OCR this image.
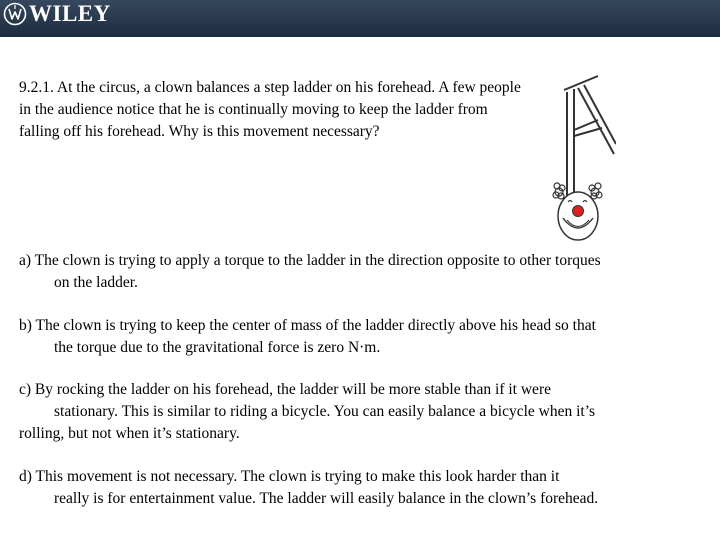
WILEY

9.2.1. At the circus, a clown balances a step ladder on his forehead. A few people in the audience notice that he is continually moving to keep the ladder from falling off his forehead. Why is this movement necessary?

a) The clown is trying to apply a torque to the ladder in the direction opposite to other torques
on the ladder.

b) The clown is trying to keep the center of mass of the ladder directly above his head so that
the torque due to the gravitational force is zero N·m.

c) By rocking the ladder on his forehead, the ladder will be more stable than if it were
stationary. This is similar to riding a bicycle. You can easily balance a bicycle when it’s
rolling, but not when it’s stationary.

d) This movement is not necessary. The clown is trying to make this look harder than it
really is for entertainment value. The ladder will easily balance in the clown’s forehead.
